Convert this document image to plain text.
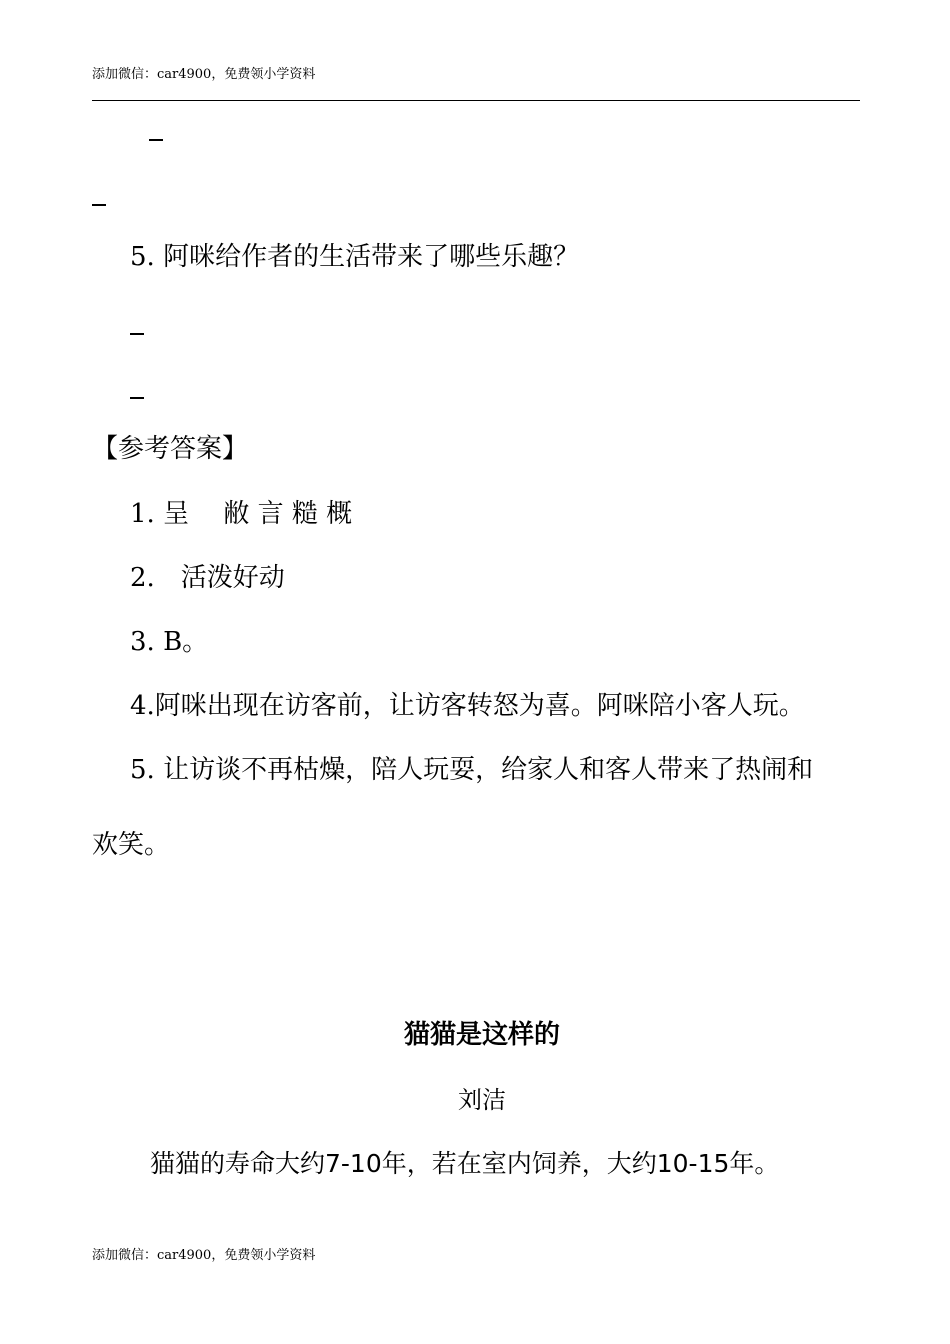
添加微信：car4900，免费领小学资料
5. 阿咪给作者的生活带来了哪些乐趣？
【参考答案】
1. 呈　 敝 言 糙 概
2.　活泼好动
3. B。
4.阿咪出现在访客前，让访客转怒为喜。阿咪陪小客人玩。
5. 让访谈不再枯燥，陪人玩耍，给家人和客人带来了热闹和
欢笑。
猫猫是这样的
刘洁
猫猫的寿命大约7-10年，若在室内饲养，大约10-15年。
添加微信：car4900，免费领小学资料
